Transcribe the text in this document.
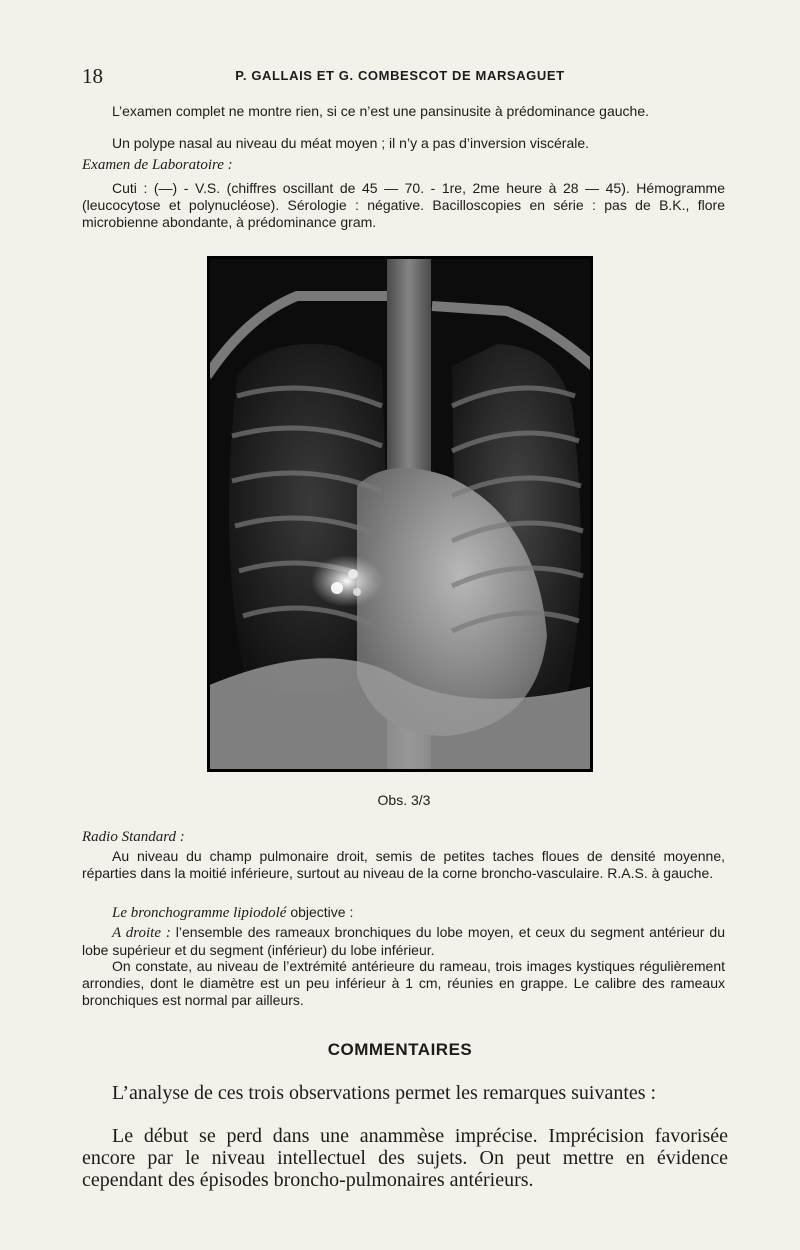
18	P. GALLAIS ET G. COMBESCOT DE MARSAGUET

L’examen complet ne montre rien, si ce n’est une pansinusite à prédominance gauche.

Un polype nasal au niveau du méat moyen ; il n’y a pas d’inversion viscérale.

Examen de Laboratoire :

Cuti : (—) - V.S. (chiffres oscillant de 45 — 70. - 1re, 2me heure à 28 — 45). Hémogramme (leucocytose et polynucléose). Sérologie : négative. Bacilloscopies en série : pas de B.K., flore microbienne abondante, à prédominance gram.

Obs. 3/3

Radio Standard :

Au niveau du champ pulmonaire droit, semis de petites taches floues de densité moyenne, réparties dans la moitié inférieure, surtout au niveau de la corne broncho-vasculaire. R.A.S. à gauche.

Le bronchogramme lipiodolé objective :

A droite : l’ensemble des rameaux bronchiques du lobe moyen, et ceux du segment antérieur du lobe supérieur et du segment (inférieur) du lobe inférieur.

On constate, au niveau de l’extrémité antérieure du rameau, trois images kystiques régulièrement arrondies, dont le diamètre est un peu inférieur à 1 cm, réunies en grappe. Le calibre des rameaux bronchiques est normal par ailleurs.

COMMENTAIRES

L’analyse de ces trois observations permet les remarques suivantes :

Le début se perd dans une anammèse imprécise. Imprécision favorisée encore par le niveau intellectuel des sujets. On peut mettre en évidence cependant des épisodes broncho-pulmonaires antérieurs.
